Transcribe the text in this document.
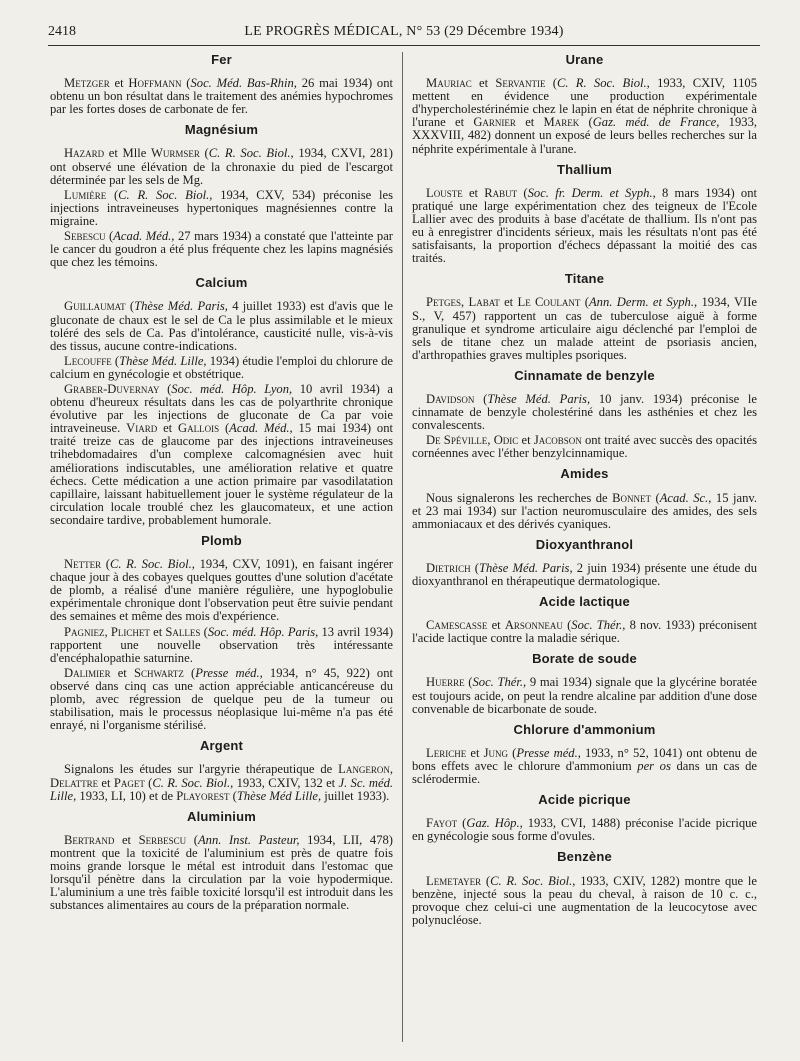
2418	LE PROGRÈS MÉDICAL, N° 53 (29 Décembre 1934)
Fer

Metzger et Hoffmann (Soc. Méd. Bas-Rhin, 26 mai 1934) ont obtenu un bon résultat dans le traitement des anémies hypochromes par les fortes doses de carbonate de fer.

Magnésium

Hazard et Mlle Wurmser (C. R. Soc. Biol., 1934, CXVI, 281) ont observé une élévation de la chronaxie du pied de l'escargot déterminée par les sels de Mg.

Lumière (C. R. Soc. Biol., 1934, CXV, 534) préconise les injections intraveineuses hypertoniques magnésiennes contre la migraine.

Sebescu (Acad. Méd., 27 mars 1934) a constaté que l'atteinte par le cancer du goudron a été plus fréquente chez les lapins magnésiés que chez les témoins.

Calcium

Guillaumat (Thèse Méd. Paris, 4 juillet 1933) est d'avis que le gluconate de chaux est le sel de Ca le plus assimilable et le mieux toléré des sels de Ca. Pas d'intolérance, causticité nulle, vis-à-vis des tissus, aucune contre-indications.

Lecouffe (Thèse Méd. Lille, 1934) étudie l'emploi du chlorure de calcium en gynécologie et obstétrique.

Graber-Duvernay (Soc. méd. Hôp. Lyon, 10 avril 1934) a obtenu d'heureux résultats dans les cas de polyarthrite chronique évolutive par les injections de gluconate de Ca par voie intraveineuse. Viard et Gallois (Acad. Méd., 15 mai 1934) ont traité treize cas de glaucome par des injections intraveineuses trihebdomadaires d'un complexe calcomagnésien avec huit améliorations indiscutables, une amélioration relative et quatre échecs. Cette médication a une action primaire par vasodilatation capillaire, laissant habituellement jouer le système régulateur de la circulation locale troublé chez les glaucomateux, et une action secondaire tardive, probablement humorale.

Plomb

Netter (C. R. Soc. Biol., 1934, CXV, 1091), en faisant ingérer chaque jour à des cobayes quelques gouttes d'une solution d'acétate de plomb, a réalisé d'une manière régulière, une hypoglobulie expérimentale chronique dont l'observation peut être suivie pendant des semaines et même des mois d'expérience.

Pagniez, Plichet et Salles (Soc. méd. Hôp. Paris, 13 avril 1934) rapportent une nouvelle observation très intéressante d'encéphalopathie saturnine.

Dalimier et Schwartz (Presse méd., 1934, n° 45, 922) ont observé dans cinq cas une action appréciable anticancéreuse du plomb, avec régression de quelque peu de la tumeur ou stabilisation, mais le processus néoplasique lui-même n'a pas été enrayé, ni l'organisme stérilisé.

Argent

Signalons les études sur l'argyrie thérapeutique de Langeron, Delattre et Paget (C. R. Soc. Biol., 1933, CXIV, 132 et J. Sc. méd. Lille, 1933, LI, 10) et de Playorest (Thèse Méd Lille, juillet 1933).

Aluminium

Bertrand et Serbescu (Ann. Inst. Pasteur, 1934, LII, 478) montrent que la toxicité de l'aluminium est près de quatre fois moins grande lorsque le métal est introduit dans l'estomac que lorsqu'il pénètre dans la circulation par la voie hypodermique. L'aluminium a une très faible toxicité lorsqu'il est introduit dans les substances alimentaires au cours de la préparation normale.

Urane

Mauriac et Servantie (C. R. Soc. Biol., 1933, CXIV, 1105 mettent en évidence une production expérimentale d'hypercholestérinémie chez le lapin en état de néphrite chronique à l'urane et Garnier et Marek (Gaz. méd. de France, 1933, XXXVIII, 482) donnent un exposé de leurs belles recherches sur la néphrite expérimentale à l'urane.

Thallium

Louste et Rabut (Soc. fr. Derm. et Syph., 8 mars 1934) ont pratiqué une large expérimentation chez des teigneux de l'Ecole Lallier avec des produits à base d'acétate de thallium. Ils n'ont pas eu à enregistrer d'incidents sérieux, mais les résultats n'ont pas été satisfaisants, la proportion d'échecs dépassant la moitié des cas traités.

Titane

Petges, Labat et Le Coulant (Ann. Derm. et Syph., 1934, VIIe S., V, 457) rapportent un cas de tuberculose aiguë à forme granulique et syndrome articulaire aigu déclenché par l'emploi de sels de titane chez un malade atteint de psoriasis ancien, d'arthropathies graves multiples psoriques.

Cinnamate de benzyle

Davidson (Thèse Méd. Paris, 10 janv. 1934) préconise le cinnamate de benzyle cholestériné dans les asthénies et chez les convalescents.

De Spéville, Odic et Jacobson ont traité avec succès des opacités cornéennes avec l'éther benzylcinnamique.

Amides

Nous signalerons les recherches de Bonnet (Acad. Sc., 15 janv. et 23 mai 1934) sur l'action neuromusculaire des amides, des sels ammoniacaux et des dérivés cyaniques.

Dioxyanthranol

Dietrich (Thèse Méd. Paris, 2 juin 1934) présente une étude du dioxyanthranol en thérapeutique dermatologique.

Acide lactique

Camescasse et Arsonneau (Soc. Thér., 8 nov. 1933) préconisent l'acide lactique contre la maladie sérique.

Borate de soude

Huerre (Soc. Thér., 9 mai 1934) signale que la glycérine boratée est toujours acide, on peut la rendre alcaline par addition d'une dose convenable de bicarbonate de soude.

Chlorure d'ammonium

Leriche et Jung (Presse méd., 1933, n° 52, 1041) ont obtenu de bons effets avec le chlorure d'ammonium per os dans un cas de sclérodermie.

Acide picrique

Fayot (Gaz. Hôp., 1933, CVI, 1488) préconise l'acide picrique en gynécologie sous forme d'ovules.

Benzène

Lemetayer (C. R. Soc. Biol., 1933, CXIV, 1282) montre que le benzène, injecté sous la peau du cheval, à raison de 10 c. c., provoque chez celui-ci une augmentation de la leucocytose avec polynucléose.
